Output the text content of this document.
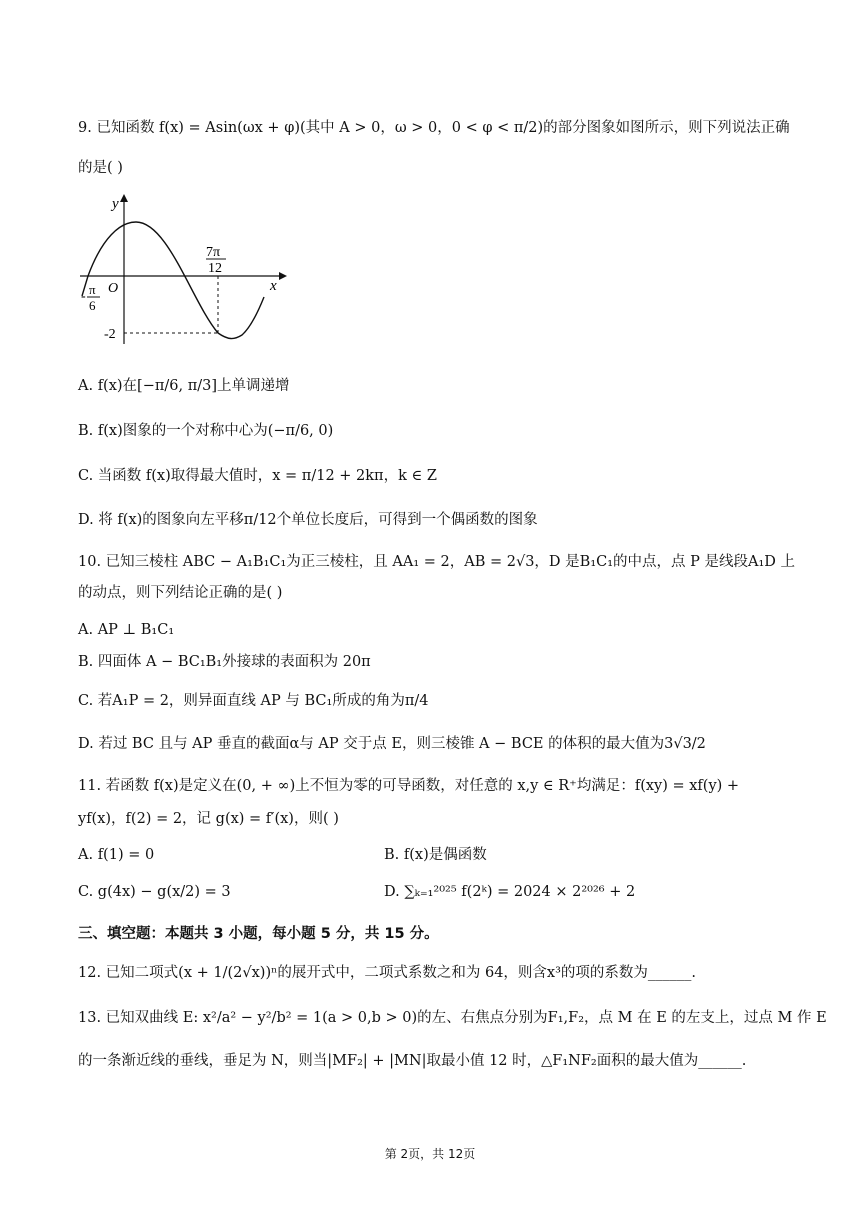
9. 已知函数 f(x) = Asin(ωx + φ)(其中 A > 0，ω > 0，0 < φ < π/2)的部分图象如图所示，则下列说法正确
的是( )
y
x
O
7π
12
- π
6
-2
A. f(x)在[−π/6, π/3]上单调递增
B. f(x)图象的一个对称中心为(−π/6, 0)
C. 当函数 f(x)取得最大值时，x = π/12 + 2kπ，k ∈ Z
D. 将 f(x)的图象向左平移π/12个单位长度后，可得到一个偶函数的图象
10. 已知三棱柱 ABC − A₁B₁C₁为正三棱柱，且 AA₁ = 2，AB = 2√3，D 是B₁C₁的中点，点 P 是线段A₁D 上
的动点，则下列结论正确的是( )
A. AP ⊥ B₁C₁
B. 四面体 A − BC₁B₁外接球的表面积为 20π
C. 若A₁P = 2，则异面直线 AP 与 BC₁所成的角为π/4
D. 若过 BC 且与 AP 垂直的截面α与 AP 交于点 E，则三棱锥 A − BCE 的体积的最大值为3√3/2
11. 若函数 f(x)是定义在(0, + ∞)上不恒为零的可导函数，对任意的 x,y ∈ R⁺均满足：f(xy) = xf(y) +
yf(x)，f(2) = 2，记 g(x) = f′(x)，则( )
A. f(1) = 0	B. f(x)是偶函数
C. g(4x) − g(x/2) = 3	D. ∑ₖ₌₁²⁰²⁵ f(2ᵏ) = 2024 × 2²⁰²⁶ + 2
三、填空题：本题共 3 小题，每小题 5 分，共 15 分。
12. 已知二项式(x + 1/(2√x))ⁿ的展开式中，二项式系数之和为 64，则含x³的项的系数为______.
13. 已知双曲线 E: x²/a² − y²/b² = 1(a > 0,b > 0)的左、右焦点分别为F₁,F₂，点 M 在 E 的左支上，过点 M 作 E
的一条渐近线的垂线，垂足为 N，则当|MF₂| + |MN|取最小值 12 时，△F₁NF₂面积的最大值为______.
第 2页，共 12页
